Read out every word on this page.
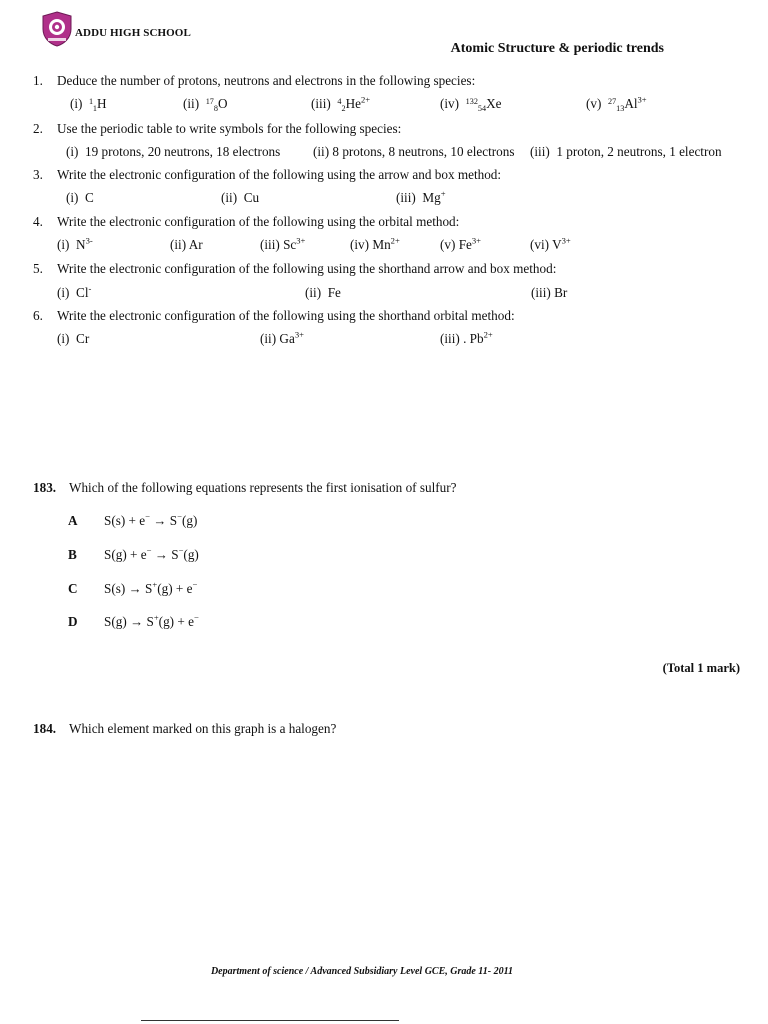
ADDU HIGH SCHOOL
Atomic Structure & periodic trends
1. Deduce the number of protons, neutrons and electrons in the following species:
(i) $^1_1$H	(ii) $^{17}_8$O	(iii) $^4_2He^{2+}$	(iv) $^{132}_{54}$Xe	(v) $^{27}_{13}Al^{3+}$
2. Use the periodic table to write symbols for the following species:
(i) 19 protons, 20 neutrons, 18 electrons (ii) 8 protons, 8 neutrons, 10 electrons (iii) 1 proton, 2 neutrons, 1 electron
3. Write the electronic configuration of the following using the arrow and box method:
(i) C	(ii) Cu	(iii) Mg+
4. Write the electronic configuration of the following using the orbital method:
(i) $N^{3-}$	(ii) Ar	(iii) $Sc^{3+}$	(iv) $Mn^{2+}$	(v) $Fe^{3+}$	(vi) $V^{3+}$
5. Write the electronic configuration of the following using the shorthand arrow and box method:
(i) Cl-	(ii) Fe	(iii) Br
6. Write the electronic configuration of the following using the shorthand orbital method:
(i) Cr	(ii) $Ga^{3+}$	(iii) . $Pb^{2+}$
183. Which of the following equations represents the first ionisation of sulfur?
A S(s) + e− → S−(g)
B S(g) + e− → S−(g)
C S(s) → S+(g) + e−
D S(g) → S+(g) + e−
(Total 1 mark)
184. Which element marked on this graph is a halogen?
Department of science / Advanced Subsidiary Level GCE, Grade 11- 2011
